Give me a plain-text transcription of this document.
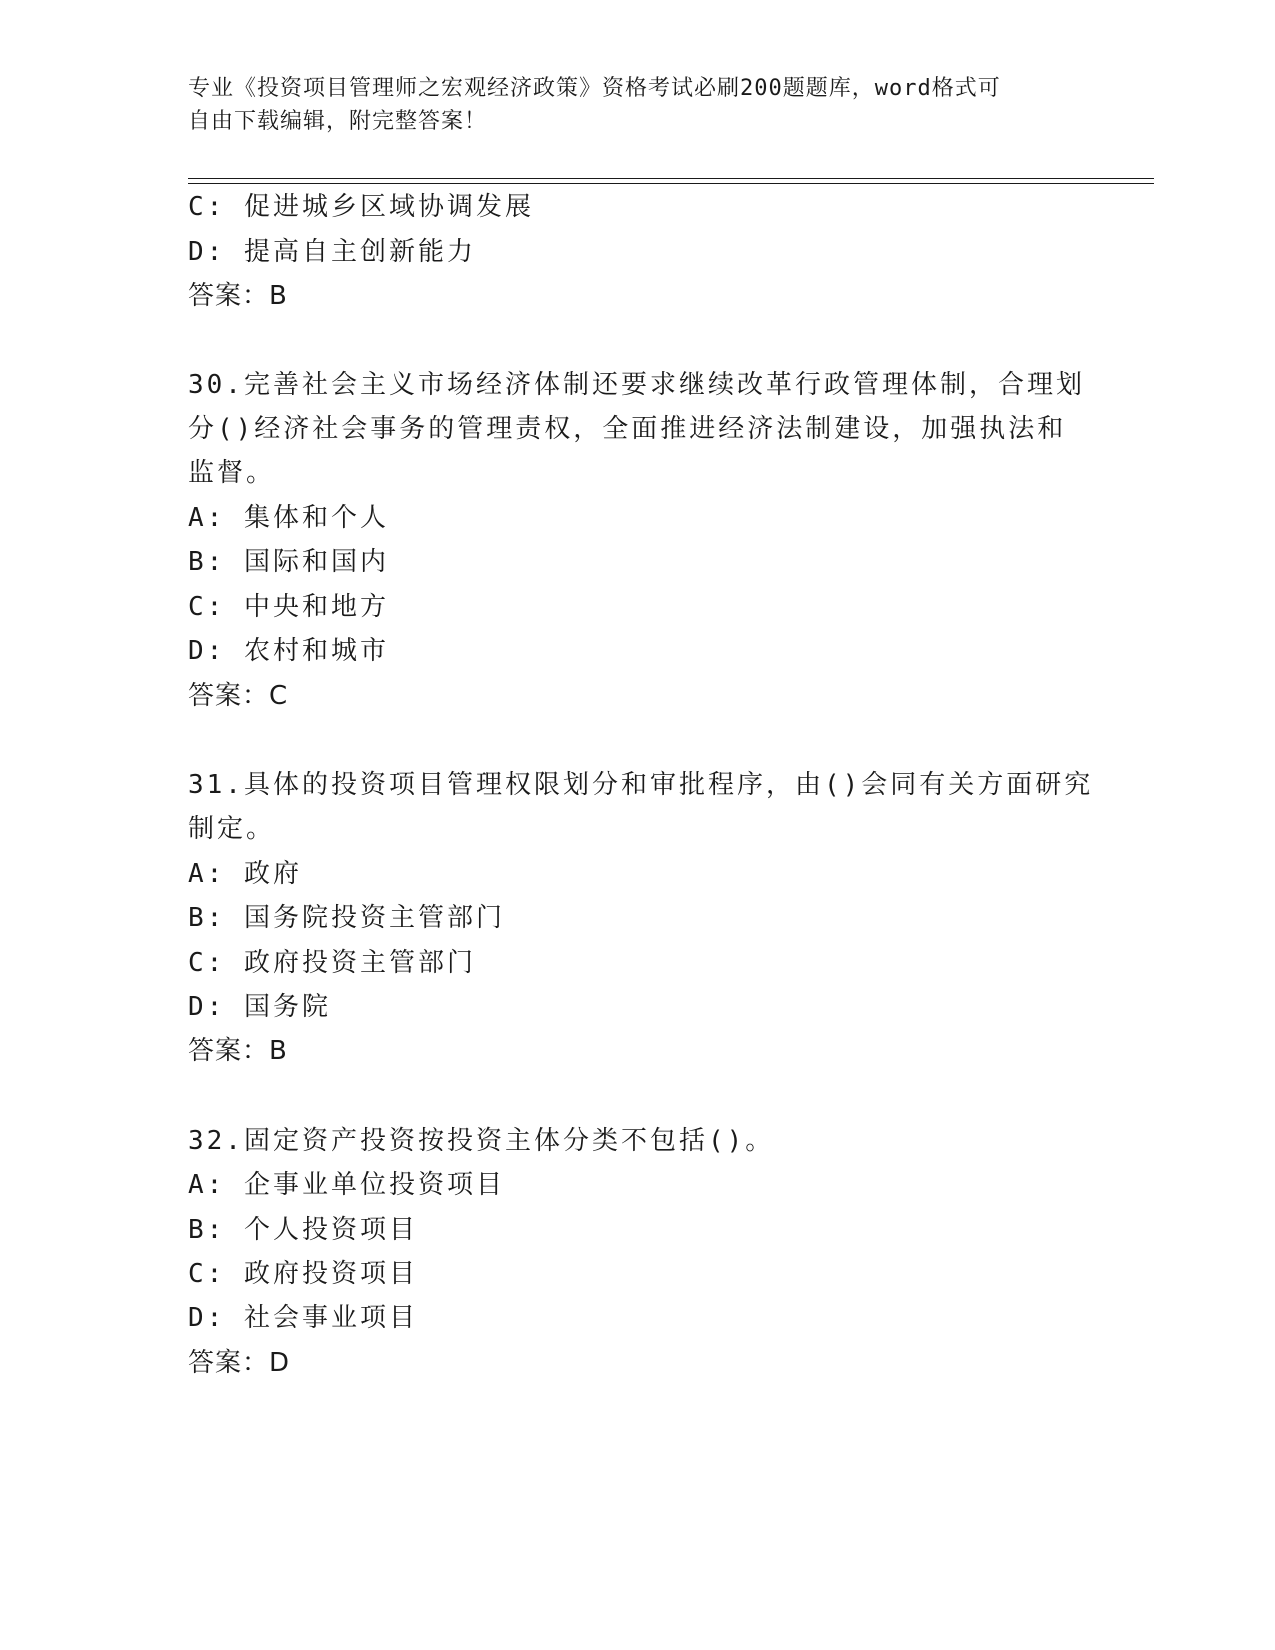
专业《投资项目管理师之宏观经济政策》资格考试必刷200题题库，word格式可
自由下载编辑，附完整答案！
C: 促进城乡区域协调发展
D: 提高自主创新能力
答案：B
30.完善社会主义市场经济体制还要求继续改革行政管理体制，合理划
分()经济社会事务的管理责权，全面推进经济法制建设，加强执法和
监督。
A: 集体和个人
B: 国际和国内
C: 中央和地方
D: 农村和城市
答案：C
31.具体的投资项目管理权限划分和审批程序，由()会同有关方面研究
制定。
A: 政府
B: 国务院投资主管部门
C: 政府投资主管部门
D: 国务院
答案：B
32.固定资产投资按投资主体分类不包括()。
A: 企事业单位投资项目
B: 个人投资项目
C: 政府投资项目
D: 社会事业项目
答案：D
